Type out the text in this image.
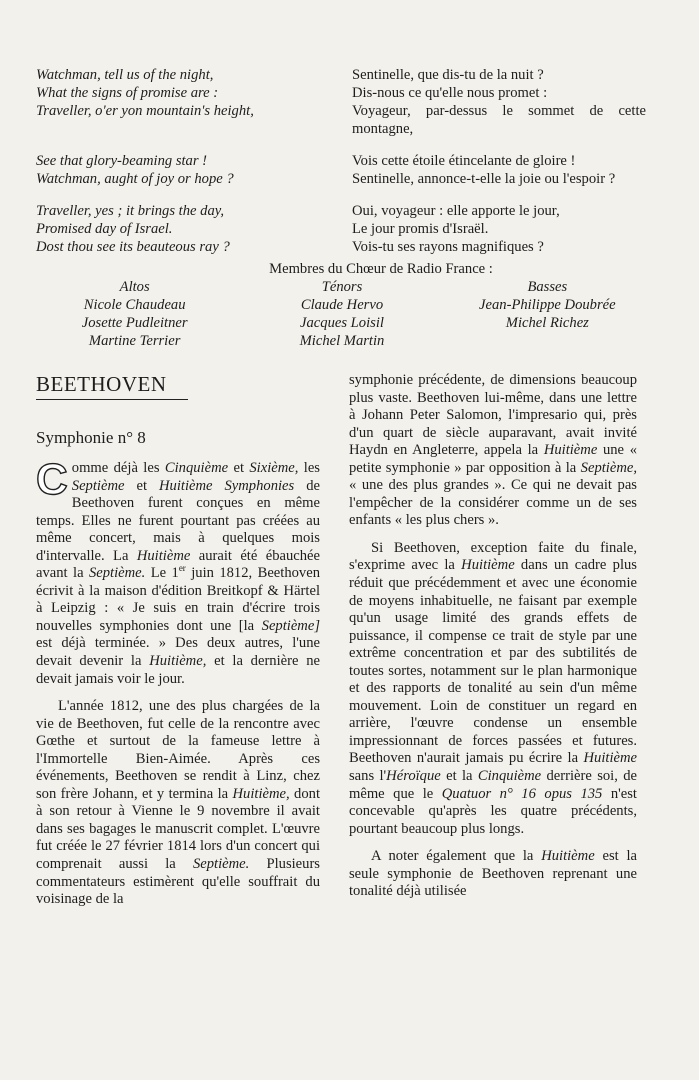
Watchman, tell us of the night,
What the signs of promise are :
Traveller, o'er yon mountain's height,
Sentinelle, que dis-tu de la nuit ?
Dis-nous ce qu'elle nous promet :
Voyageur, par-dessus le sommet de cette montagne,
See that glory-beaming star !
Watchman, aught of joy or hope ?
Vois cette étoile étincelante de gloire !
Sentinelle, annonce-t-elle la joie ou l'espoir ?
Traveller, yes ; it brings the day,
Promised day of Israel.
Dost thou see its beauteous ray ?
Oui, voyageur : elle apporte le jour,
Le jour promis d'Israël.
Vois-tu ses rayons magnifiques ?
Membres du Chœur de Radio France :
Altos
Nicole Chaudeau
Josette Pudleitner
Martine Terrier
Ténors
Claude Hervo
Jacques Loisil
Michel Martin
Basses
Jean-Philippe Doubrée
Michel Richez
BEETHOVEN
Symphonie n° 8

Comme déjà les Cinquième et Sixième, les Septième et Huitième Symphonies de Beethoven furent conçues en même temps. Elles ne furent pourtant pas créées au même concert, mais à quelques mois d'intervalle. La Huitième aurait été ébauchée avant la Septième. Le 1er juin 1812, Beethoven écrivit à la maison d'édition Breitkopf & Härtel à Leipzig : « Je suis en train d'écrire trois nouvelles symphonies dont une [la Septième] est déjà terminée. » Des deux autres, l'une devait devenir la Huitième, et la dernière ne devait jamais voir le jour.

L'année 1812, une des plus chargées de la vie de Beethoven, fut celle de la rencontre avec Gœthe et surtout de la fameuse lettre à l'Immortelle Bien-Aimée. Après ces événements, Beethoven se rendit à Linz, chez son frère Johann, et y termina la Huitième, dont à son retour à Vienne le 9 novembre il avait dans ses bagages le manuscrit complet. L'œuvre fut créée le 27 février 1814 lors d'un concert qui comprenait aussi la Septième. Plusieurs commentateurs estimèrent qu'elle souffrait du voisinage de la

symphonie précédente, de dimensions beaucoup plus vaste. Beethoven lui-même, dans une lettre à Johann Peter Salomon, l'impresario qui, près d'un quart de siècle auparavant, avait invité Haydn en Angleterre, appela la Huitième une « petite symphonie » par opposition à la Septième, « une des plus grandes ». Ce qui ne devait pas l'empêcher de la considérer comme un de ses enfants « les plus chers ».

Si Beethoven, exception faite du finale, s'exprime avec la Huitième dans un cadre plus réduit que précédemment et avec une économie de moyens inhabituelle, ne faisant par exemple qu'un usage limité des grands effets de puissance, il compense ce trait de style par une extrême concentration et par des subtilités de toutes sortes, notamment sur le plan harmonique et des rapports de tonalité au sein d'un même mouvement. Loin de constituer un regard en arrière, l'œuvre condense un ensemble impressionnant de forces passées et futures. Beethoven n'aurait jamais pu écrire la Huitième sans l'Héroïque et la Cinquième derrière soi, de même que le Quatuor n° 16 opus 135 n'est concevable qu'après les quatre précédents, pourtant beaucoup plus longs.

A noter également que la Huitième est la seule symphonie de Beethoven reprenant une tonalité déjà utilisée
